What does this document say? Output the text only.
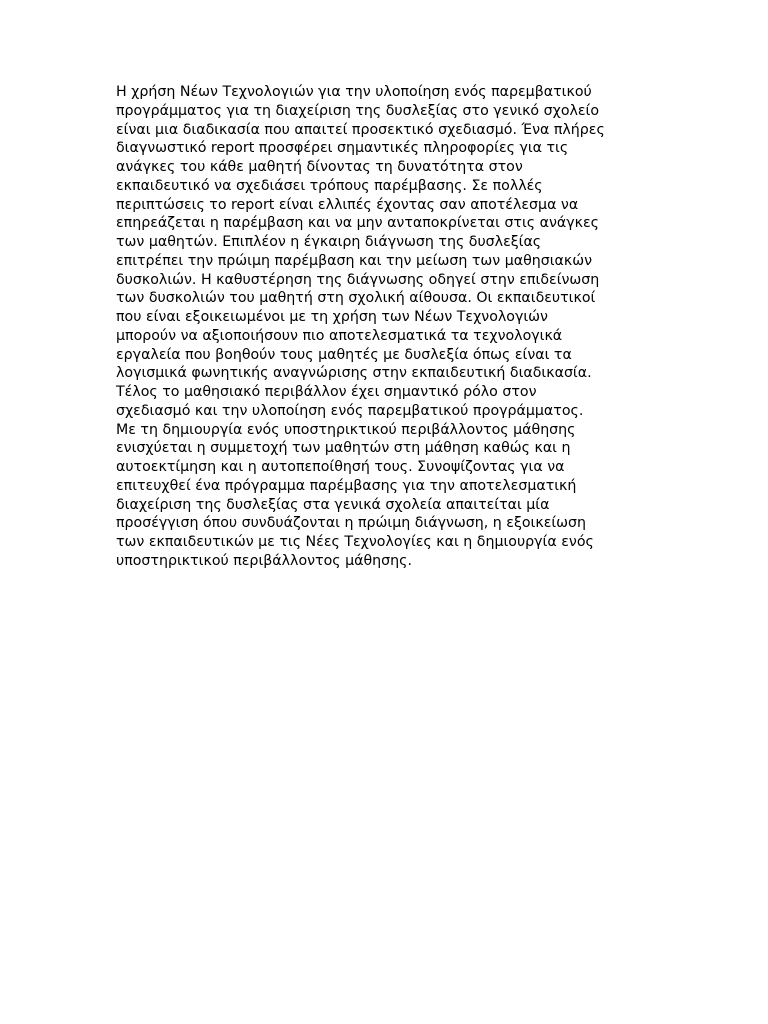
Η χρήση Νέων Τεχνολογιών για την υλοποίηση ενός παρεμβατικού
προγράμματος για τη διαχείριση της δυσλεξίας στο γενικό σχολείο
είναι μια διαδικασία που απαιτεί προσεκτικό σχεδιασμό. Ένα πλήρες
διαγνωστικό report προσφέρει σημαντικές πληροφορίες για τις
ανάγκες του κάθε μαθητή δίνοντας τη δυνατότητα στον
εκπαιδευτικό να σχεδιάσει τρόπους παρέμβασης. Σε πολλές
περιπτώσεις το report είναι ελλιπές έχοντας σαν αποτέλεσμα να
επηρεάζεται η παρέμβαση και να μην ανταποκρίνεται στις ανάγκες
των μαθητών. Επιπλέον η έγκαιρη διάγνωση της δυσλεξίας
επιτρέπει την πρώιμη παρέμβαση και την μείωση των μαθησιακών
δυσκολιών. Η καθυστέρηση της διάγνωσης οδηγεί στην επιδείνωση
των δυσκολιών του μαθητή στη σχολική αίθουσα. Οι εκπαιδευτικοί
που είναι εξοικειωμένοι με τη χρήση των Νέων Τεχνολογιών
μπορούν να αξιοποιήσουν πιο αποτελεσματικά τα τεχνολογικά
εργαλεία που βοηθούν τους μαθητές με δυσλεξία όπως είναι τα
λογισμικά φωνητικής αναγνώρισης στην εκπαιδευτική διαδικασία.
Τέλος το μαθησιακό περιβάλλον έχει σημαντικό ρόλο στον
σχεδιασμό και την υλοποίηση ενός παρεμβατικού προγράμματος.
Με τη δημιουργία ενός υποστηρικτικού περιβάλλοντος μάθησης
ενισχύεται η συμμετοχή των μαθητών στη μάθηση καθώς και η
αυτοεκτίμηση και η αυτοπεποίθησή τους. Συνοψίζοντας για να
επιτευχθεί ένα πρόγραμμα παρέμβασης για την αποτελεσματική
διαχείριση της δυσλεξίας στα γενικά σχολεία απαιτείται μία
προσέγγιση όπου συνδυάζονται η πρώιμη διάγνωση, η εξοικείωση
των εκπαιδευτικών με τις Νέες Τεχνολογίες και η δημιουργία ενός
υποστηρικτικού περιβάλλοντος μάθησης.
